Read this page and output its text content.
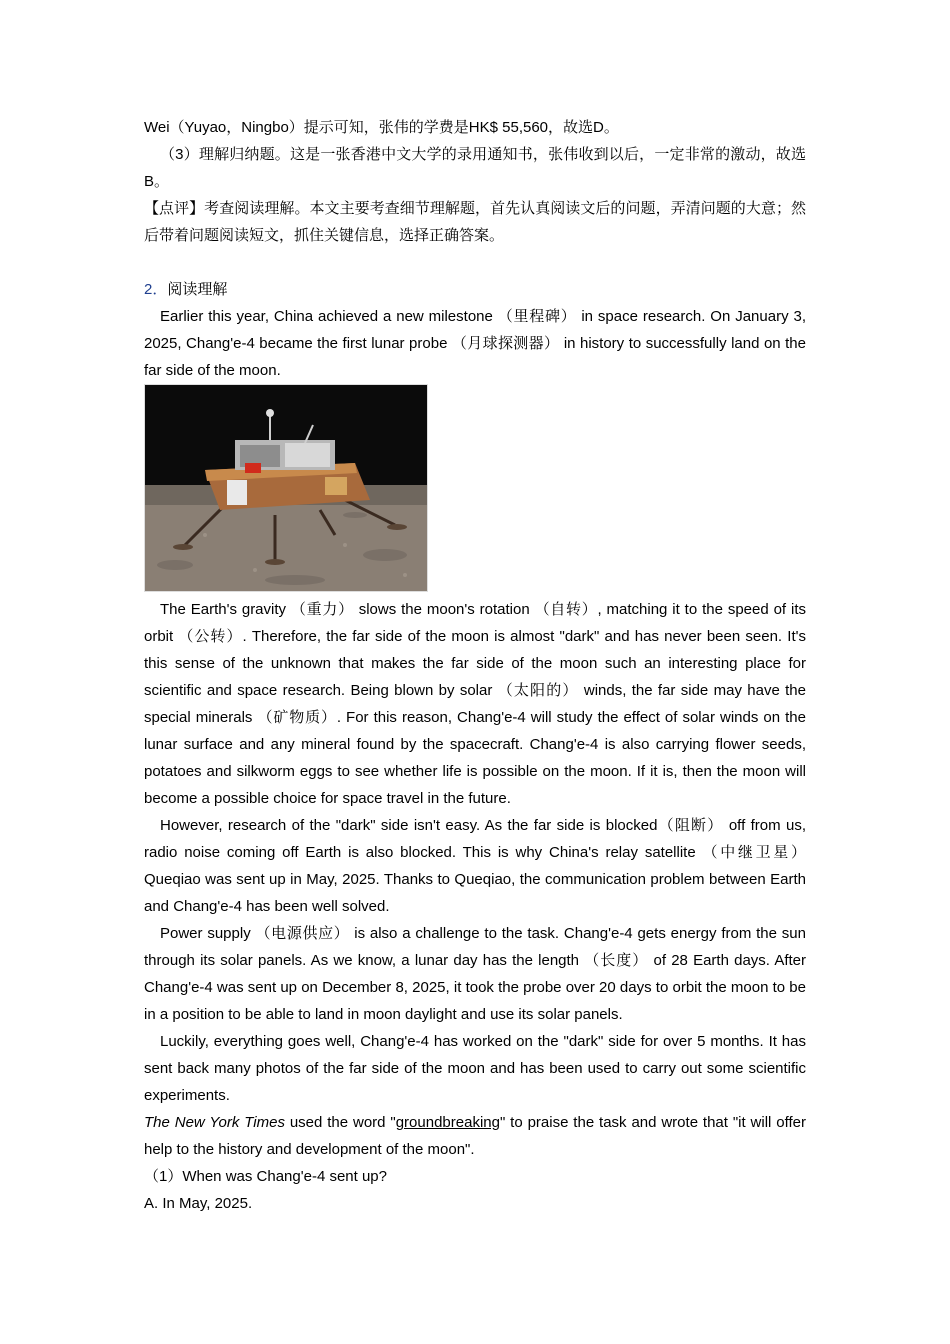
Wei（Yuyao，Ningbo）提示可知，张伟的学费是HK$ 55,560，故选D。

（3）理解归纳题。这是一张香港中文大学的录用通知书，张伟收到以后，一定非常的激动，故选B。

【点评】考查阅读理解。本文主要考查细节理解题，首先认真阅读文后的问题，弄清问题的大意；然后带着问题阅读短文，抓住关键信息，选择正确答案。

2．阅读理解

Earlier this year, China achieved a new milestone （里程碑） in space research. On January 3, 2025, Chang'e-4 became the first lunar probe （月球探测器） in history to successfully land on the far side of the moon.

The Earth's gravity （重力） slows the moon's rotation （自转）, matching it to the speed of its orbit （公转）. Therefore, the far side of the moon is almost "dark" and has never been seen. It's this sense of the unknown that makes the far side of the moon such an interesting place for scientific and space research. Being blown by solar （太阳的） winds, the far side may have the special minerals （矿物质）. For this reason, Chang'e-4 will study the effect of solar winds on the lunar surface and any mineral found by the spacecraft. Chang'e-4 is also carrying flower seeds, potatoes and silkworm eggs to see whether life is possible on the moon. If it is, then the moon will become a possible choice for space travel in the future.

However, research of the "dark" side isn't easy. As the far side is blocked（阻断） off from us, radio noise coming off Earth is also blocked. This is why China's relay satellite （中继卫星） Queqiao was sent up in May, 2025. Thanks to Queqiao, the communication problem between Earth and Chang'e-4 has been well solved.

Power supply （电源供应） is also a challenge to the task. Chang'e-4 gets energy from the sun through its solar panels. As we know, a lunar day has the length （长度） of 28 Earth days. After Chang'e-4 was sent up on December 8, 2025, it took the probe over 20 days to orbit the moon to be in a position to be able to land in moon daylight and use its solar panels.

Luckily, everything goes well, Chang'e-4 has worked on the "dark" side for over 5 months. It has sent back many photos of the far side of the moon and has been used to carry out some scientific experiments.

The New York Times used the word "groundbreaking" to praise the task and wrote that "it will offer help to the history and development of the moon".

（1）When was Chang'e-4 sent up?

A. In May, 2025.
